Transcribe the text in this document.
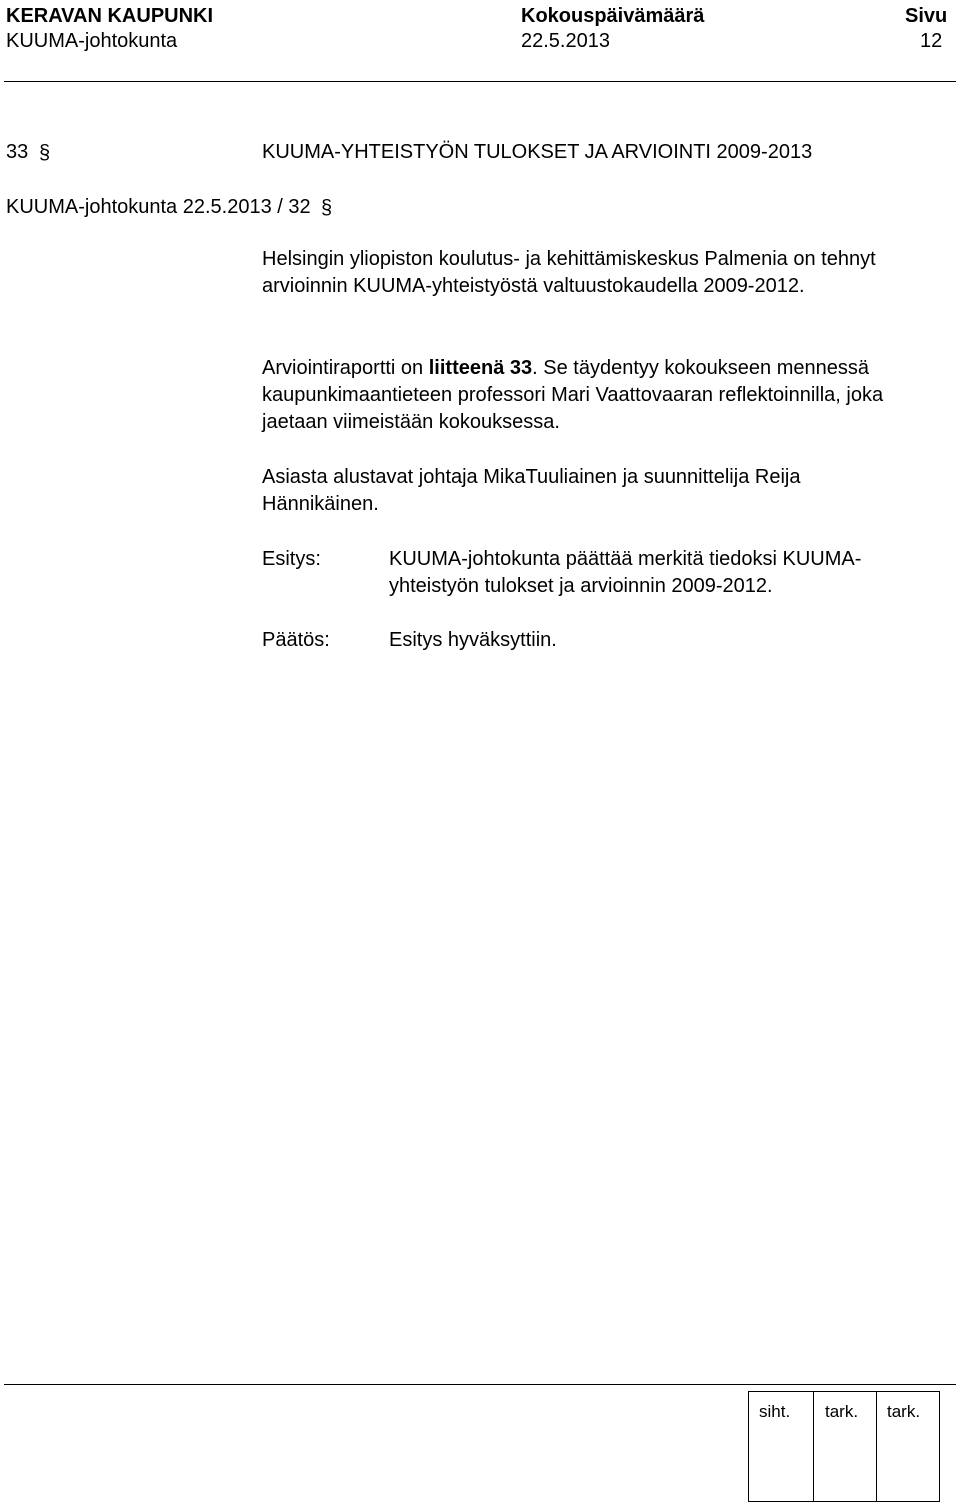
KERAVAN KAUPUNKI
KUUMA-johtokunta
Kokouspäivämäärä
22.5.2013
Sivu
12
33 §	KUUMA-YHTEISTYÖN TULOKSET JA ARVIOINTI 2009-2013
KUUMA-johtokunta 22.5.2013 / 32 §
Helsingin yliopiston koulutus- ja kehittämiskeskus Palmenia on tehnyt arvioinnin KUUMA-yhteistyöstä valtuustokaudella 2009-2012.
Arviointiraportti on liitteenä 33. Se täydentyy kokoukseen mennessä kaupunkimaantieteen professori Mari Vaattovaaran reflektoinnilla, joka jaetaan viimeistään kokouksessa.
Asiasta alustavat johtaja MikaTuuliainen ja suunnittelija Reija Hännikäinen.
Esitys:	KUUMA-johtokunta päättää merkitä tiedoksi KUUMA-yhteistyön tulokset ja arvioinnin 2009-2012.
Päätös:	Esitys hyväksyttiin.
siht. tark. tark.
